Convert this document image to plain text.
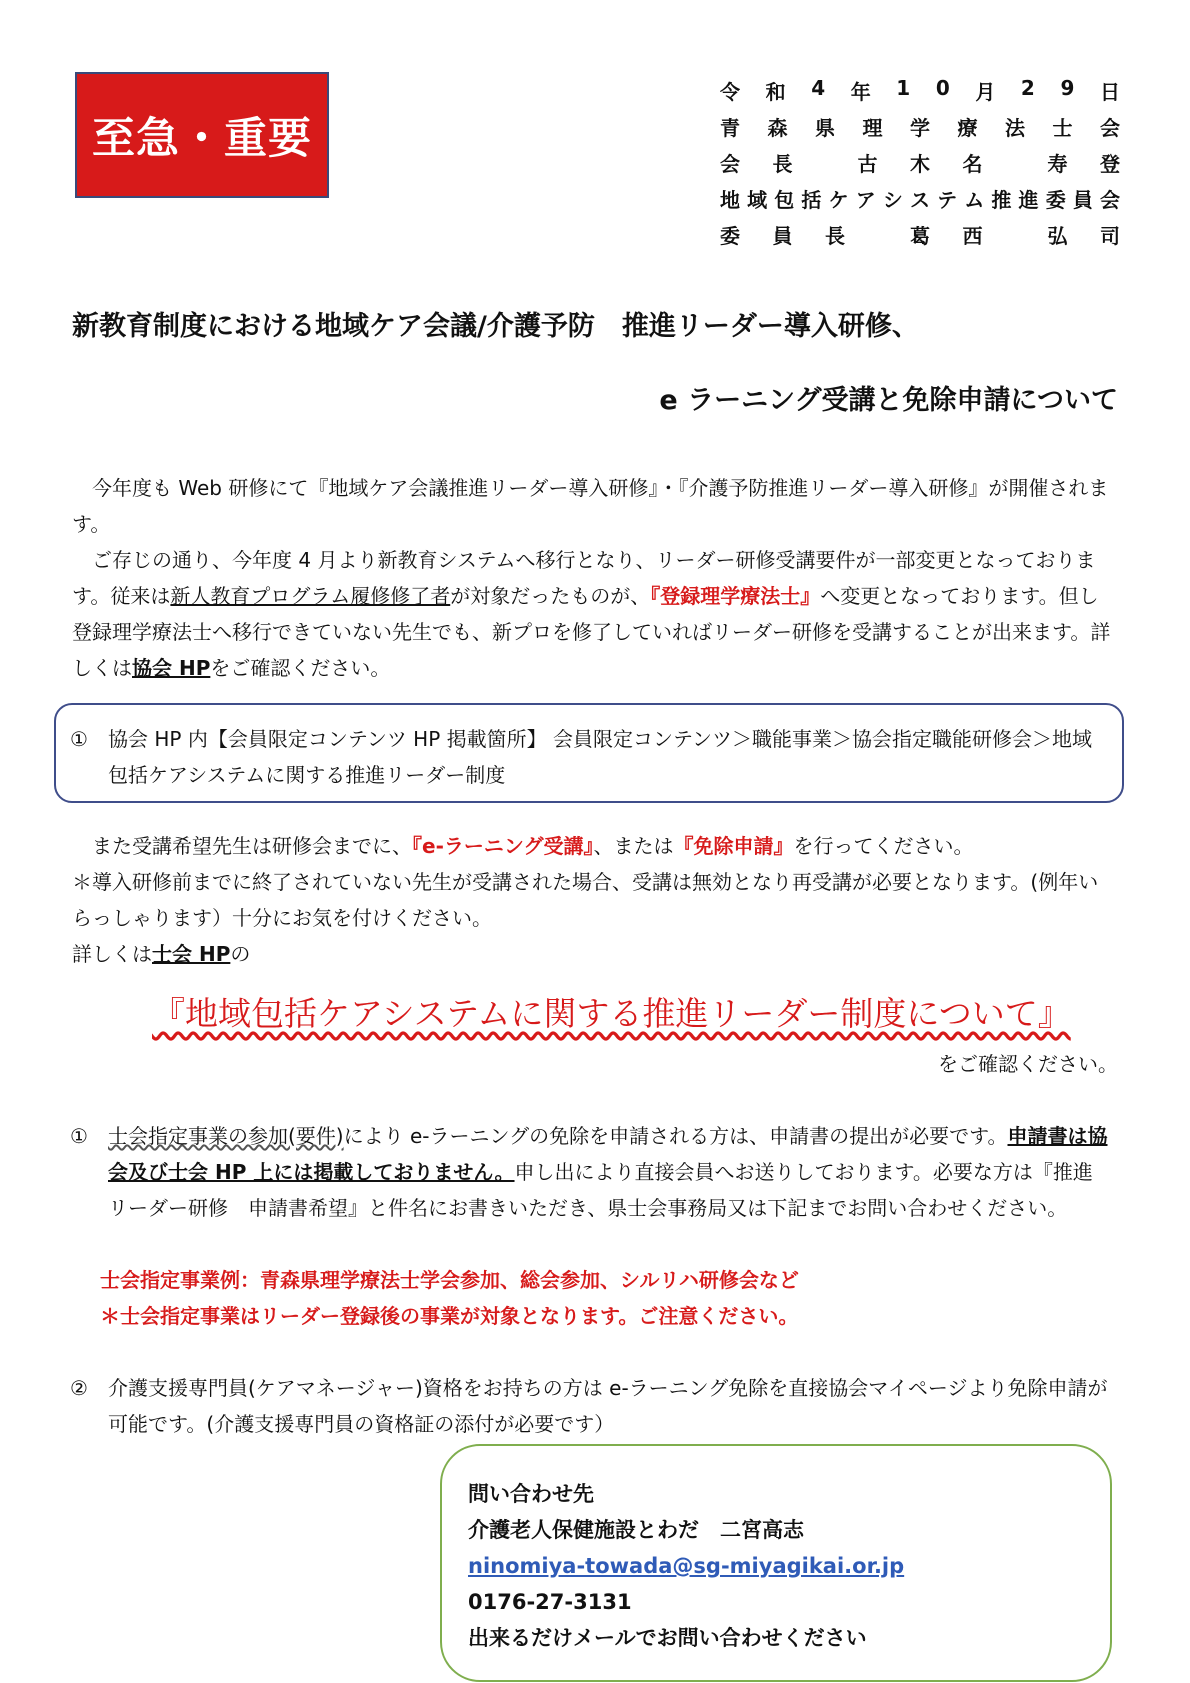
至急・重要
令 和 4 年 1 0 月 2 9 日
青 森 県 理 学 療 法 士 会
会 長	古 木 名	寿 登
地 域 包 括 ケ ア シ ス テ ム 推 進 委 員 会
委 員 長	葛 西	弘 司
新教育制度における地域ケア会議/介護予防　推進リーダー導入研修、
e ラーニング受講と免除申請について

今年度も Web 研修にて『地域ケア会議推進リーダー導入研修』・『介護予防推進リーダー導入研修』が開催されます。

ご存じの通り、今年度 4 月より新教育システムへ移行となり、リーダー研修受講要件が一部変更となっております。従来は新人教育プログラム履修修了者が対象だったものが、『登録理学療法士』へ変更となっております。但し登録理学療法士へ移行できていない先生でも、新プロを修了していればリーダー研修を受講することが出来ます。詳しくは協会 HPをご確認ください。

① 協会 HP 内【会員限定コンテンツ HP 掲載箇所】 会員限定コンテンツ＞職能事業＞協会指定職能研修会＞地域包括ケアシステムに関する推進リーダー制度

また受講希望先生は研修会までに、『e-ラーニング受講』、または『免除申請』を行ってください。

＊導入研修前までに終了されていない先生が受講された場合、受講は無効となり再受講が必要となります。(例年いらっしゃります）十分にお気を付けください。

詳しくは士会 HPの

『地域包括ケアシステムに関する推進リーダー制度について』
をご確認ください。
① 士会指定事業の参加(要件)により e-ラーニングの免除を申請される方は、申請書の提出が必要です。申請書は協会及び士会 HP 上には掲載しておりません。申し出により直接会員へお送りしております。必要な方は『推進リーダー研修　申請書希望』と件名にお書きいただき、県士会事務局又は下記までお問い合わせください。
士会指定事業例：青森県理学療法士学会参加、総会参加、シルリハ研修会など
＊士会指定事業はリーダー登録後の事業が対象となります。ご注意ください。
② 介護支援専門員(ケアマネージャー)資格をお持ちの方は e-ラーニング免除を直接協会マイページより免除申請が可能です。(介護支援専門員の資格証の添付が必要です）
問い合わせ先
介護老人保健施設とわだ　二宮高志
ninomiya-towada@sg-miyagikai.or.jp
0176-27-3131
出来るだけメールでお問い合わせください
